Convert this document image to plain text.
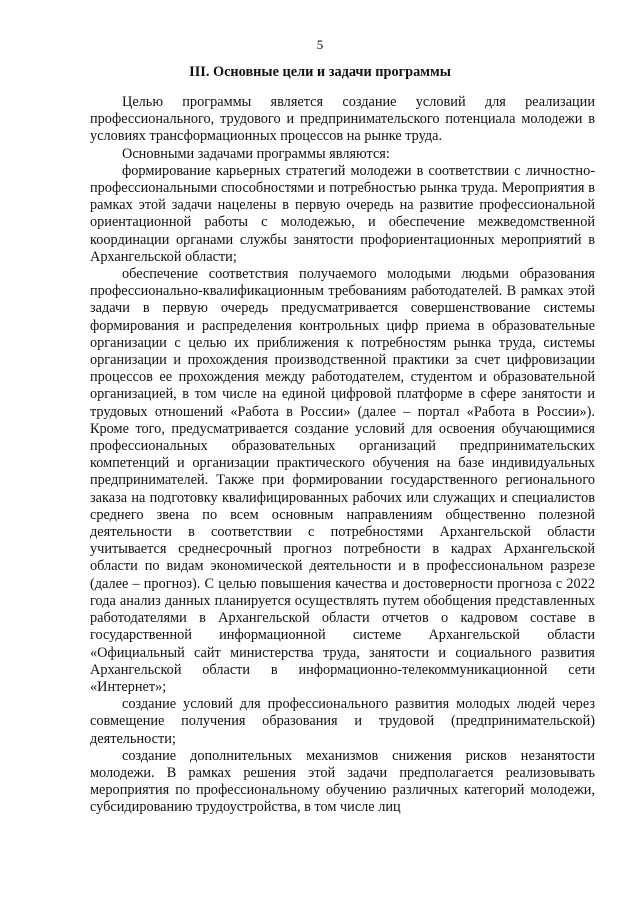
5
III. Основные цели и задачи программы

Целью программы является создание условий для реализации профессионального, трудового и предпринимательского потенциала молодежи в условиях трансформационных процессов на рынке труда.

Основными задачами программы являются:

формирование карьерных стратегий молодежи в соответствии с личностно-профессиональными способностями и потребностью рынка труда. Мероприятия в рамках этой задачи нацелены в первую очередь на развитие профессиональной ориентационной работы с молодежью, и обеспечение межведомственной координации органами службы занятости профориентационных мероприятий в Архангельской области;

обеспечение соответствия получаемого молодыми людьми образования профессионально-квалификационным требованиям работодателей. В рамках этой задачи в первую очередь предусматривается совершенствование системы формирования и распределения контрольных цифр приема в образовательные организации с целью их приближения к потребностям рынка труда, системы организации и прохождения производственной практики за счет цифровизации процессов ее прохождения между работодателем, студентом и образовательной организацией, в том числе на единой цифровой платформе в сфере занятости и трудовых отношений «Работа в России» (далее – портал «Работа в России»). Кроме того, предусматривается создание условий для освоения обучающимися профессиональных образовательных организаций предпринимательских компетенций и организации практического обучения на базе индивидуальных предпринимателей. Также при формировании государственного регионального заказа на подготовку квалифицированных рабочих или служащих и специалистов среднего звена по всем основным направлениям общественно полезной деятельности в соответствии с потребностями Архангельской области учитывается среднесрочный прогноз потребности в кадрах Архангельской области по видам экономической деятельности и в профессиональном разрезе (далее – прогноз). С целью повышения качества и достоверности прогноза с 2022 года анализ данных планируется осуществлять путем обобщения представленных работодателями в Архангельской области отчетов о кадровом составе в государственной информационной системе Архангельской области «Официальный сайт министерства труда, занятости и социального развития Архангельской области в информационно-телекоммуникационной сети «Интернет»;

создание условий для профессионального развития молодых людей через совмещение получения образования и трудовой (предпринимательской) деятельности;

создание дополнительных механизмов снижения рисков незанятости молодежи. В рамках решения этой задачи предполагается реализовывать мероприятия по профессиональному обучению различных категорий молодежи, субсидированию трудоустройства, в том числе лиц
